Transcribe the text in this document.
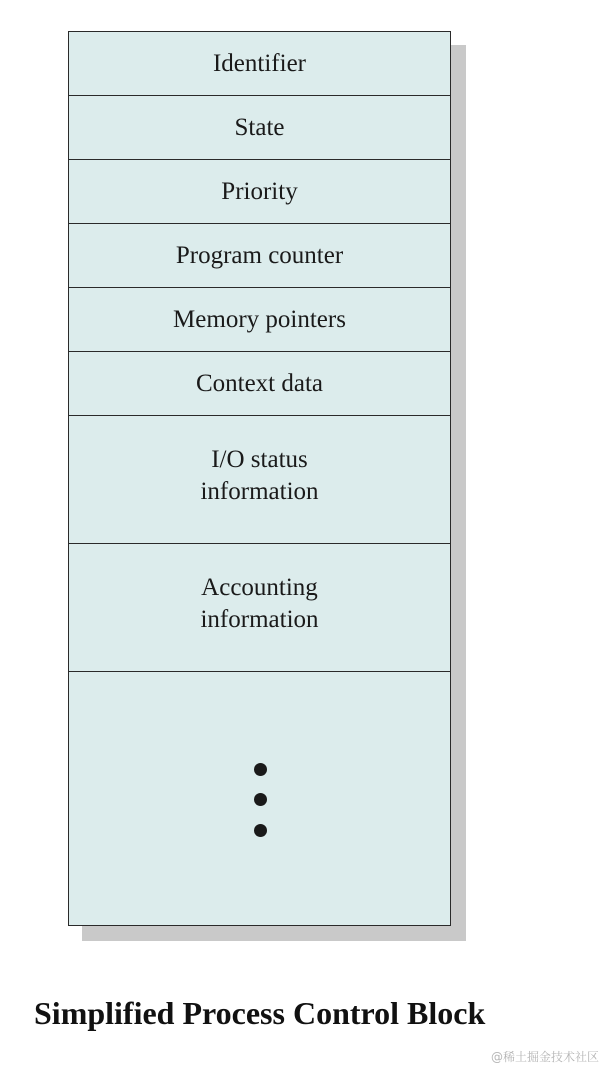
Identifier
State
Priority
Program counter
Memory pointers
Context data
I/O status
information
Accounting
information
Simplified Process Control Block
@稀土掘金技术社区
